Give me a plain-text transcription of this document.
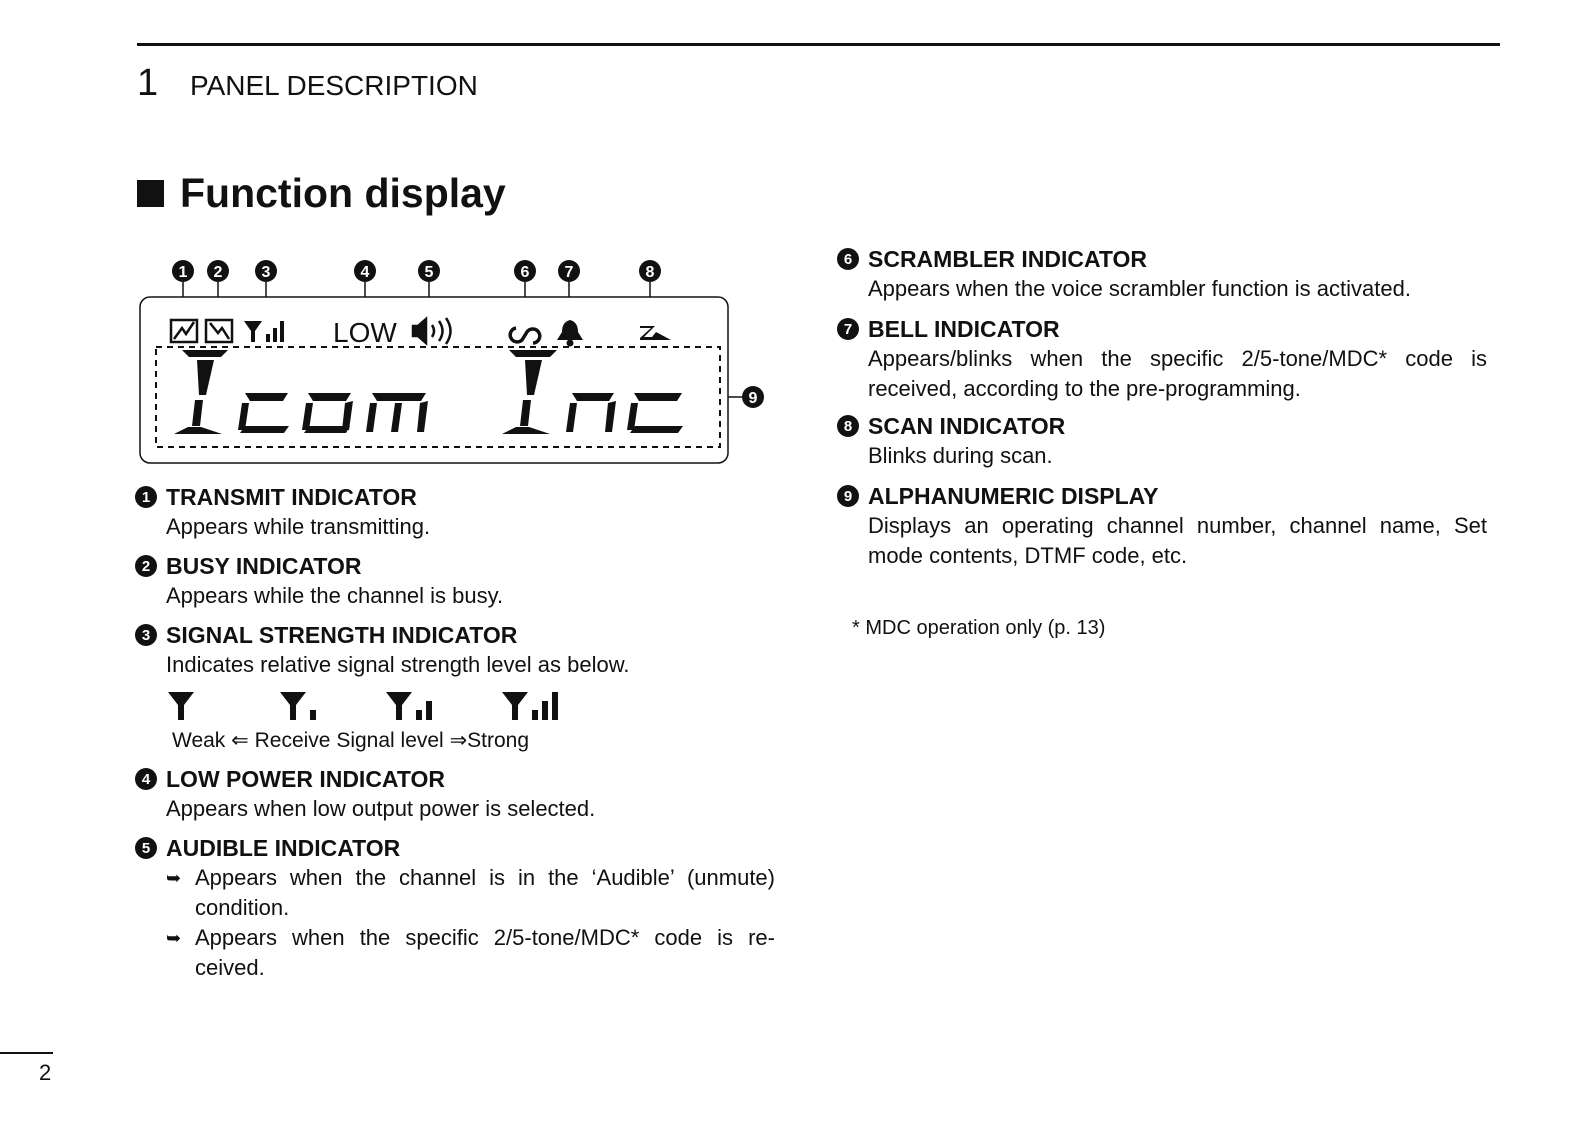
1 PANEL DESCRIPTION
Function display
1 2 3	4	5	6 7	8
9
LOW
1 TRANSMIT INDICATOR
Appears while transmitting.
2 BUSY INDICATOR
Appears while the channel is busy.
3 SIGNAL STRENGTH INDICATOR
Indicates relative signal strength level as below.
Weak ⇐ Receive Signal level ⇒Strong
4 LOW POWER INDICATOR
Appears when low output power is selected.
5 AUDIBLE INDICATOR
➥ Appears when the channel is in the ‘Audible’ (unmute) condition.
➥ Appears when the specific 2/5-tone/MDC* code is re- ceived.
6 SCRAMBLER INDICATOR
Appears when the voice scrambler function is activated.
7 BELL INDICATOR
Appears/blinks when the specific 2/5-tone/MDC* code is received, according to the pre-programming.
8 SCAN INDICATOR
Blinks during scan.
9 ALPHANUMERIC DISPLAY
Displays an operating channel number, channel name, Set mode contents, DTMF code, etc.
* MDC operation only (p. 13)
2
